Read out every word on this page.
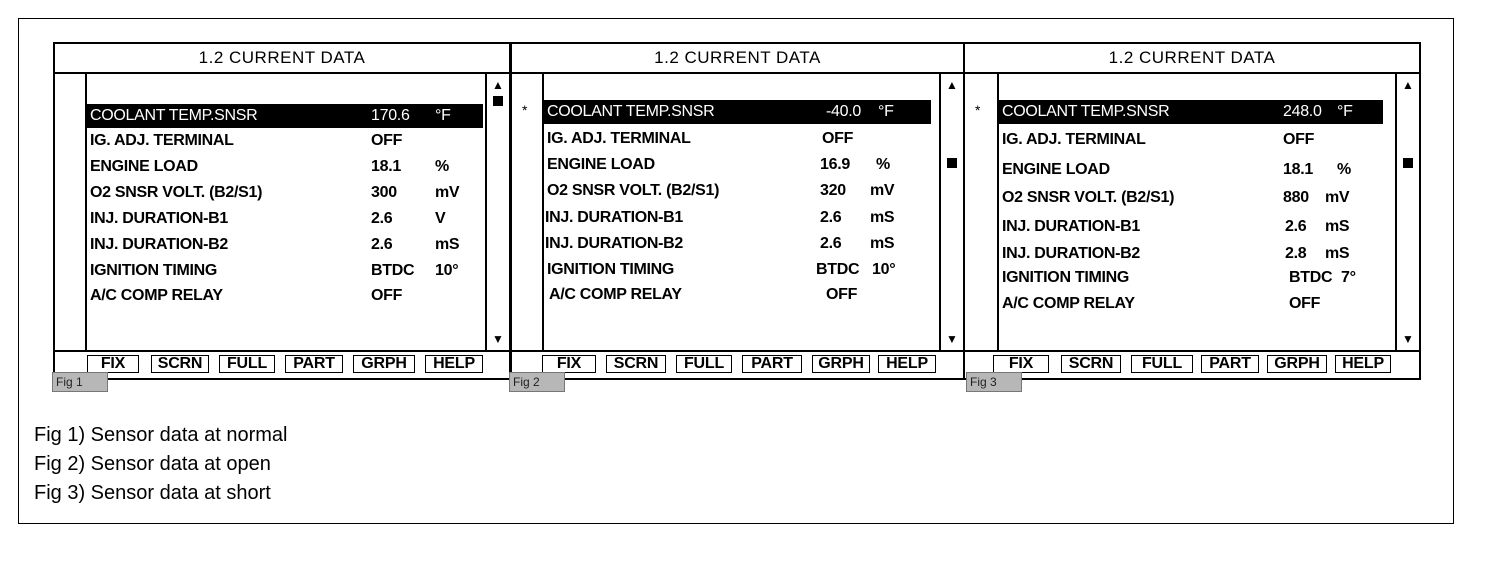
1.2 CURRENT DATA
COOLANT TEMP.SNSR	170.6 °F
IG. ADJ. TERMINAL	OFF
ENGINE LOAD	18.1 %
O2 SNSR VOLT. (B2/S1)	300 mV
INJ. DURATION-B1	2.6	V
INJ. DURATION-B2	2.6	mS
IGNITION TIMING	BTDC 10°
A/C COMP RELAY	OFF
▲
▼
FIX	SCRN	FULL	PART	GRPH	HELP
1.2 CURRENT DATA
* COOLANT TEMP.SNSR	-40.0 °F
IG. ADJ. TERMINAL	OFF
ENGINE LOAD	16.9 %
O2 SNSR VOLT. (B2/S1)	320 mV
INJ. DURATION-B1	2.6 mS
INJ. DURATION-B2	2.6 mS
IGNITION TIMING	BTDC 10°
A/C COMP RELAY	OFF
▲
▼
FIX	SCRN	FULL	PART	GRPH	HELP
1.2 CURRENT DATA
* COOLANT TEMP.SNSR	248.0 °F
IG. ADJ. TERMINAL	OFF
ENGINE LOAD	18.1 %
O2 SNSR VOLT. (B2/S1)	880 mV
INJ. DURATION-B1	2.6 mS
INJ. DURATION-B2	2.8 mS
IGNITION TIMING	BTDC 7°
A/C COMP RELAY	OFF
▲
▼
FIX	SCRN	FULL	PART	GRPH	HELP
Fig 1	Fig 2	Fig 3
Fig 1) Sensor data at normal
Fig 2) Sensor data at open
Fig 3) Sensor data at short
